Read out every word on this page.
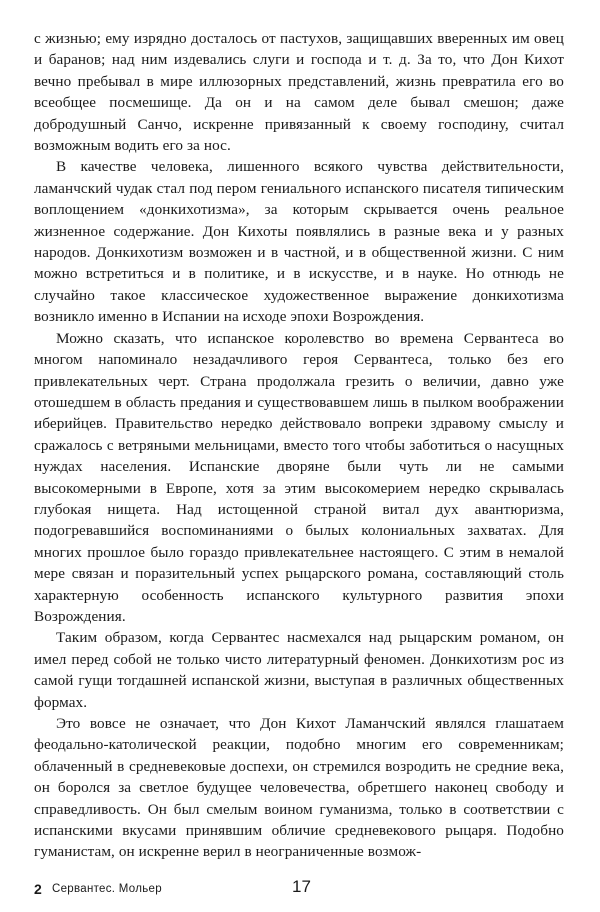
с жизнью; ему изрядно досталось от пастухов, защищавших вверенных им овец и баранов; над ним издевались слуги и господа и т. д. За то, что Дон Кихот вечно пребывал в мире иллюзорных представлений, жизнь превратила его во всеобщее посмешище. Да он и на самом деле бывал смешон; даже добродушный Санчо, искренне привязанный к своему господину, считал возможным водить его за нос.

В качестве человека, лишенного всякого чувства действительности, ламанчский чудак стал под пером гениального испанского писателя типическим воплощением «донкихотизма», за которым скрывается очень реальное жизненное содержание. Дон Кихоты появлялись в разные века и у разных народов. Донкихотизм возможен и в частной, и в общественной жизни. С ним можно встретиться и в политике, и в искусстве, и в науке. Но отнюдь не случайно такое классическое художественное выражение донкихотизма возникло именно в Испании на исходе эпохи Возрождения.

Можно сказать, что испанское королевство во времена Сервантеса во многом напоминало незадачливого героя Сервантеса, только без его привлекательных черт. Страна продолжала грезить о величии, давно уже отошедшем в область предания и существовавшем лишь в пылком воображении иберийцев. Правительство нередко действовало вопреки здравому смыслу и сражалось с ветряными мельницами, вместо того чтобы заботиться о насущных нуждах населения. Испанские дворяне были чуть ли не самыми высокомерными в Европе, хотя за этим высокомерием нередко скрывалась глубокая нищета. Над истощенной страной витал дух авантюризма, подогревавшийся воспоминаниями о былых колониальных захватах. Для многих прошлое было гораздо привлекательнее настоящего. С этим в немалой мере связан и поразительный успех рыцарского романа, составляющий столь характерную особенность испанского культурного развития эпохи Возрождения.

Таким образом, когда Сервантес насмехался над рыцарским романом, он имел перед собой не только чисто литературный феномен. Донкихотизм рос из самой гущи тогдашней испанской жизни, выступая в различных общественных формах.

Это вовсе не означает, что Дон Кихот Ламанчский являлся глашатаем феодально-католической реакции, подобно многим его современникам; облаченный в средневековые доспехи, он стремился возродить не средние века, он боролся за светлое будущее человечества, обретшего наконец свободу и справедливость. Он был смелым воином гуманизма, только в соответствии с испанскими вкусами принявшим обличие средневекового рыцаря. Подобно гуманистам, он искренне верил в неограниченные возмож-

2 Сервантес. Мольер	17
